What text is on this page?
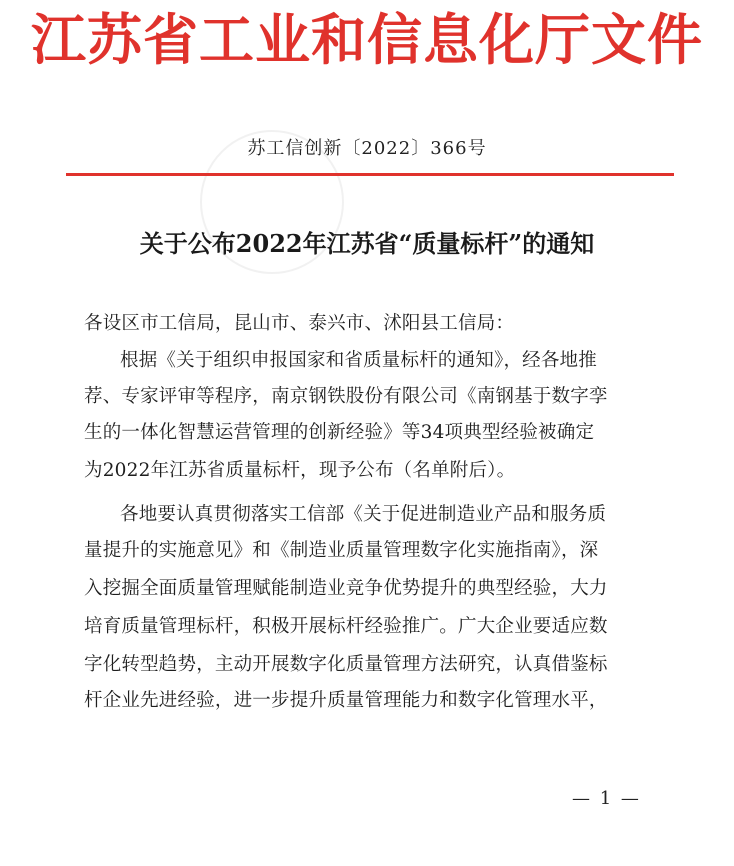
江苏省工业和信息化厅文件
苏工信创新〔2022〕366号
关于公布2022年江苏省“质量标杆”的通知
各设区市工信局，昆山市、泰兴市、沭阳县工信局：
根据《关于组织申报国家和省质量标杆的通知》，经各地推
荐、专家评审等程序，南京钢铁股份有限公司《南钢基于数字孪
生的一体化智慧运营管理的创新经验》等34项典型经验被确定
为2022年江苏省质量标杆，现予公布（名单附后）。
各地要认真贯彻落实工信部《关于促进制造业产品和服务质
量提升的实施意见》和《制造业质量管理数字化实施指南》，深
入挖掘全面质量管理赋能制造业竞争优势提升的典型经验，大力
培育质量管理标杆，积极开展标杆经验推广。广大企业要适应数
字化转型趋势，主动开展数字化质量管理方法研究，认真借鉴标
杆企业先进经验，进一步提升质量管理能力和数字化管理水平，
— 1 —
